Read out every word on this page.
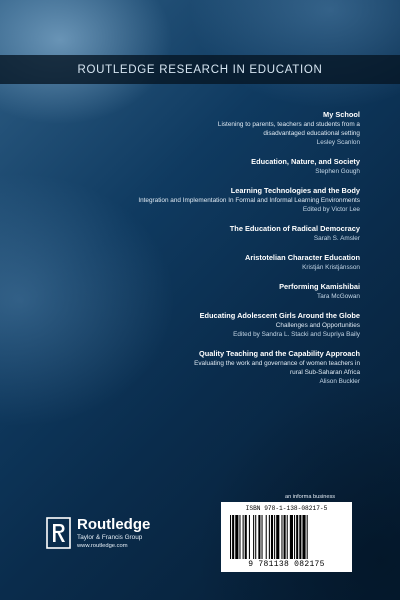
ROUTLEDGE RESEARCH IN EDUCATION
My School
Listening to parents, teachers and students from a
disadvantaged educational setting
Lesley Scanlon
Education, Nature, and Society
Stephen Gough
Learning Technologies and the Body
Integration and Implementation In Formal and Informal Learning Environments
Edited by Victor Lee
The Education of Radical Democracy
Sarah S. Amsler
Aristotelian Character Education
Kristján Kristjánsson
Performing Kamishibai
Tara McGowan
Educating Adolescent Girls Around the Globe
Challenges and Opportunities
Edited by Sandra L. Stacki and Supriya Baily
Quality Teaching and the Capability Approach
Evaluating the work and governance of women teachers in
rural Sub-Saharan Africa
Alison Buckler
Routledge
Taylor & Francis Group
www.routledge.com
an informa business
ISBN 978-1-138-08217-5
9 781138 082175
